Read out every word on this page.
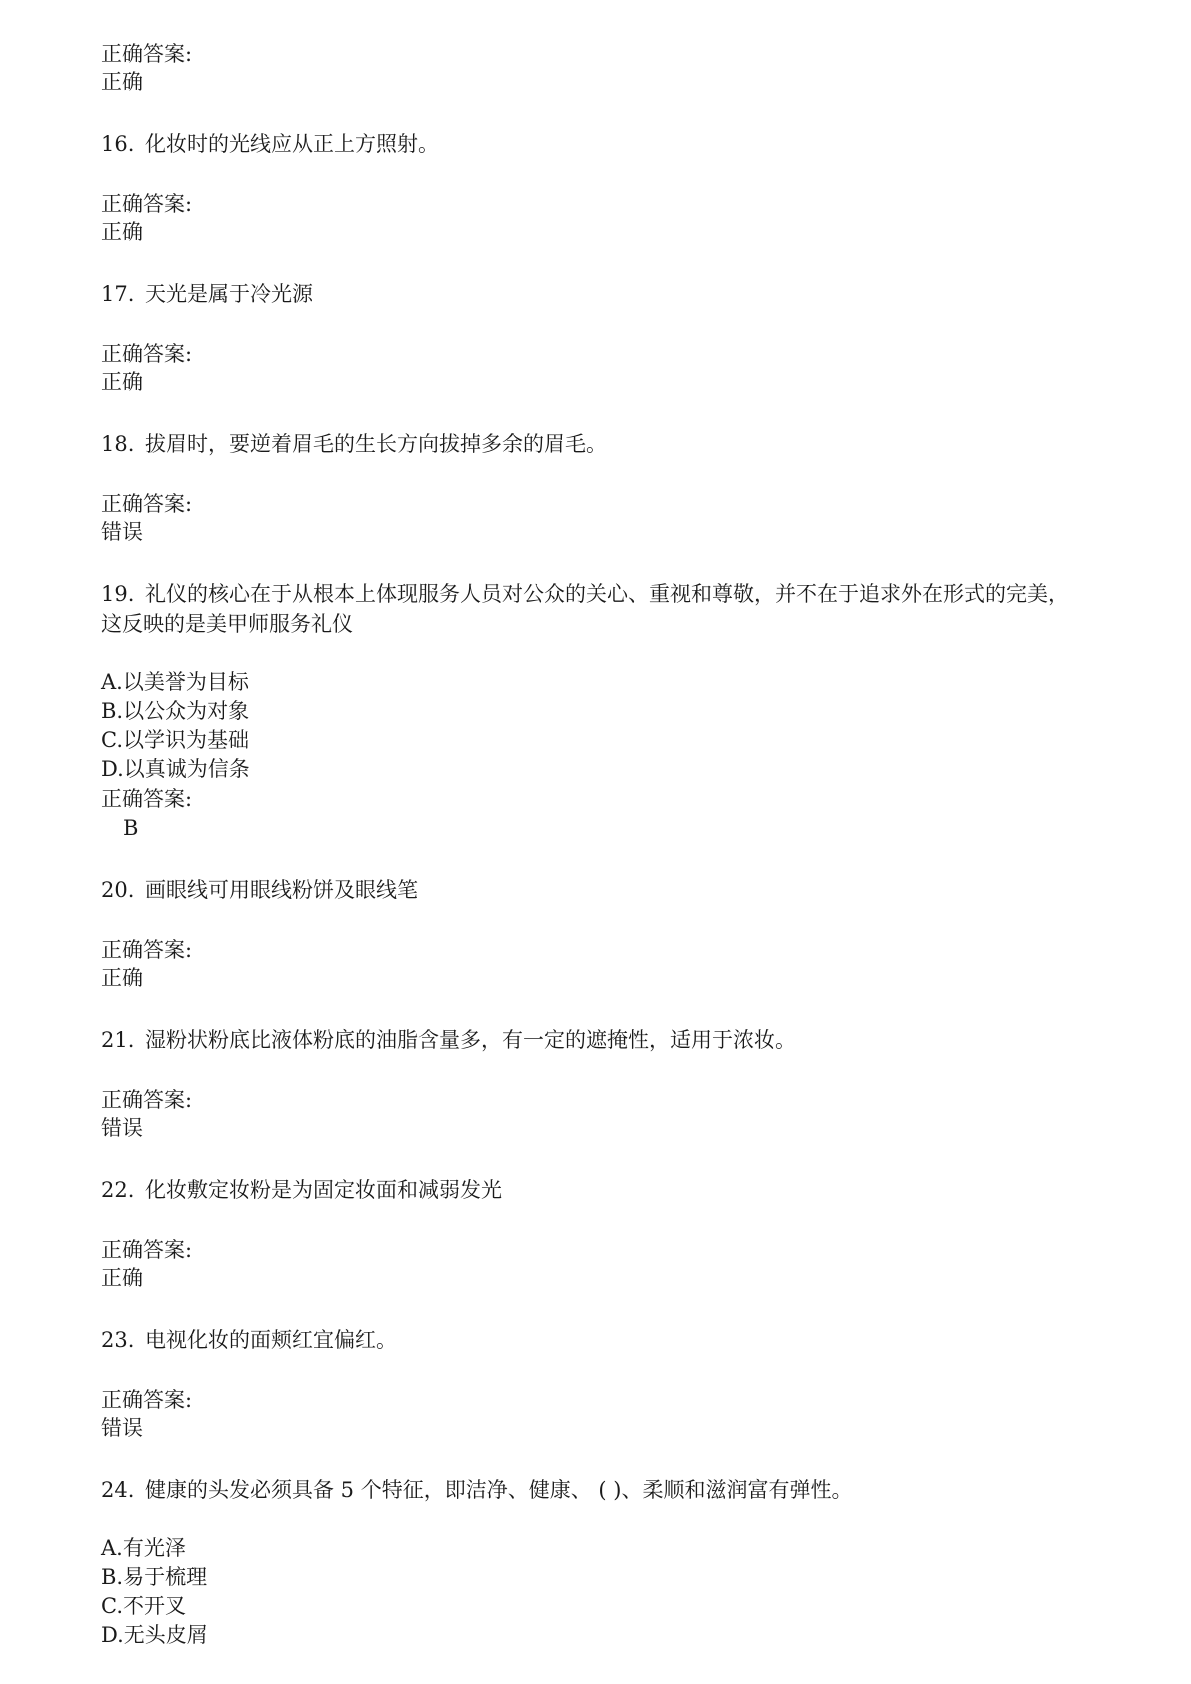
正确答案:
正确
16. 化妆时的光线应从正上方照射。
正确答案:
正确
17. 天光是属于冷光源
正确答案:
正确
18. 拔眉时，要逆着眉毛的生长方向拔掉多余的眉毛。
正确答案:
错误
19. 礼仪的核心在于从根本上体现服务人员对公众的关心、重视和尊敬，并不在于追求外在形式的完美，
这反映的是美甲师服务礼仪
A.以美誉为目标
B.以公众为对象
C.以学识为基础
D.以真诚为信条
正确答案:
B
20. 画眼线可用眼线粉饼及眼线笔
正确答案:
正确
21. 湿粉状粉底比液体粉底的油脂含量多，有一定的遮掩性，适用于浓妆。
正确答案:
错误
22. 化妆敷定妆粉是为固定妆面和减弱发光
正确答案:
正确
23. 电视化妆的面颊红宜偏红。
正确答案:
错误
24. 健康的头发必须具备 5 个特征，即洁净、健康、 ( )、柔顺和滋润富有弹性。
A.有光泽
B.易于梳理
C.不开叉
D.无头皮屑
